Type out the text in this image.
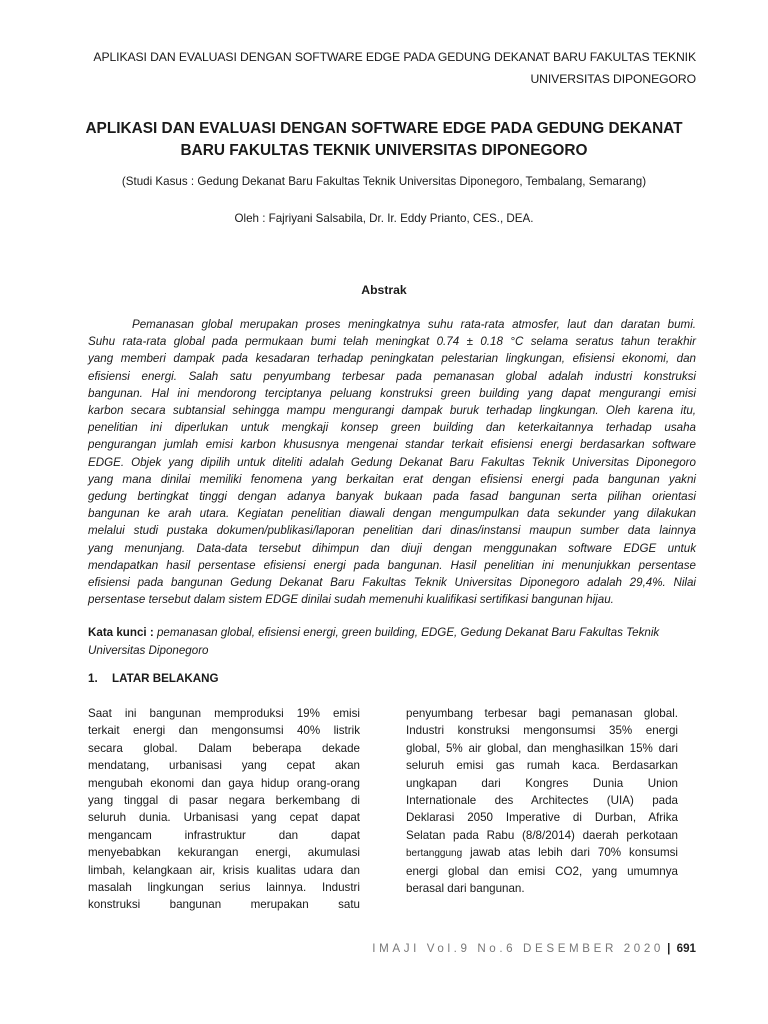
APLIKASI DAN EVALUASI DENGAN SOFTWARE EDGE PADA GEDUNG DEKANAT BARU FAKULTAS TEKNIK
UNIVERSITAS DIPONEGORO
APLIKASI DAN EVALUASI DENGAN SOFTWARE EDGE PADA GEDUNG DEKANAT
BARU FAKULTAS TEKNIK UNIVERSITAS DIPONEGORO
(Studi Kasus : Gedung Dekanat Baru Fakultas Teknik Universitas Diponegoro, Tembalang, Semarang)
Oleh : Fajriyani Salsabila, Dr. Ir. Eddy Prianto, CES., DEA.
Abstrak
Pemanasan global merupakan proses meningkatnya suhu rata-rata atmosfer, laut dan daratan bumi.
Suhu rata-rata global pada permukaan bumi telah meningkat 0.74 ± 0.18 °C selama seratus tahun terakhir
yang memberi dampak pada kesadaran terhadap peningkatan pelestarian lingkungan, efisiensi ekonomi, dan
efisiensi energi. Salah satu penyumbang terbesar pada pemanasan global adalah industri konstruksi
bangunan. Hal ini mendorong terciptanya peluang konstruksi green building yang dapat mengurangi emisi
karbon secara subtansial sehingga mampu mengurangi dampak buruk terhadap lingkungan. Oleh karena itu,
penelitian ini diperlukan untuk mengkaji konsep green building dan keterkaitannya terhadap usaha
pengurangan jumlah emisi karbon khususnya mengenai standar terkait efisiensi energi berdasarkan software
EDGE. Objek yang dipilih untuk diteliti adalah Gedung Dekanat Baru Fakultas Teknik Universitas Diponegoro
yang mana dinilai memiliki fenomena yang berkaitan erat dengan efisiensi energi pada bangunan yakni
gedung bertingkat tinggi dengan adanya banyak bukaan pada fasad bangunan serta pilihan orientasi
bangunan ke arah utara. Kegiatan penelitian diawali dengan mengumpulkan data sekunder yang dilakukan
melalui studi pustaka dokumen/publikasi/laporan penelitian dari dinas/instansi maupun sumber data lainnya
yang menunjang. Data-data tersebut dihimpun dan diuji dengan menggunakan software EDGE untuk
mendapatkan hasil persentase efisiensi energi pada bangunan. Hasil penelitian ini menunjukkan persentase
efisiensi pada bangunan Gedung Dekanat Baru Fakultas Teknik Universitas Diponegoro adalah 29,4%. Nilai
persentase tersebut dalam sistem EDGE dinilai sudah memenuhi kualifikasi sertifikasi bangunan hijau.
Kata kunci : pemanasan global, efisiensi energi, green building, EDGE, Gedung Dekanat Baru Fakultas Teknik
Universitas Diponegoro
1. LATAR BELAKANG
Saat ini bangunan memproduksi 19% emisi
terkait energi dan mengonsumsi 40% listrik
secara global. Dalam beberapa dekade
mendatang, urbanisasi yang cepat akan
mengubah ekonomi dan gaya hidup orang-orang
yang tinggal di pasar negara berkembang di
seluruh dunia. Urbanisasi yang cepat dapat
mengancam infrastruktur dan dapat
menyebabkan kekurangan energi, akumulasi
limbah, kelangkaan air, krisis kualitas udara dan
masalah lingkungan serius lainnya. Industri
konstruksi bangunan merupakan satu
penyumbang terbesar bagi pemanasan global.
Industri konstruksi mengonsumsi 35% energi
global, 5% air global, dan menghasilkan 15% dari
seluruh emisi gas rumah kaca. Berdasarkan
ungkapan dari Kongres Dunia Union
Internationale des Architectes (UIA) pada
Deklarasi 2050 Imperative di Durban, Afrika
Selatan pada Rabu (8/8/2014) daerah perkotaan
bertanggung jawab atas lebih dari 70% konsumsi
energi global dan emisi CO2, yang umumnya
berasal dari bangunan.
IMAJI Vol.9 No.6 DESEMBER 2020 | 691
